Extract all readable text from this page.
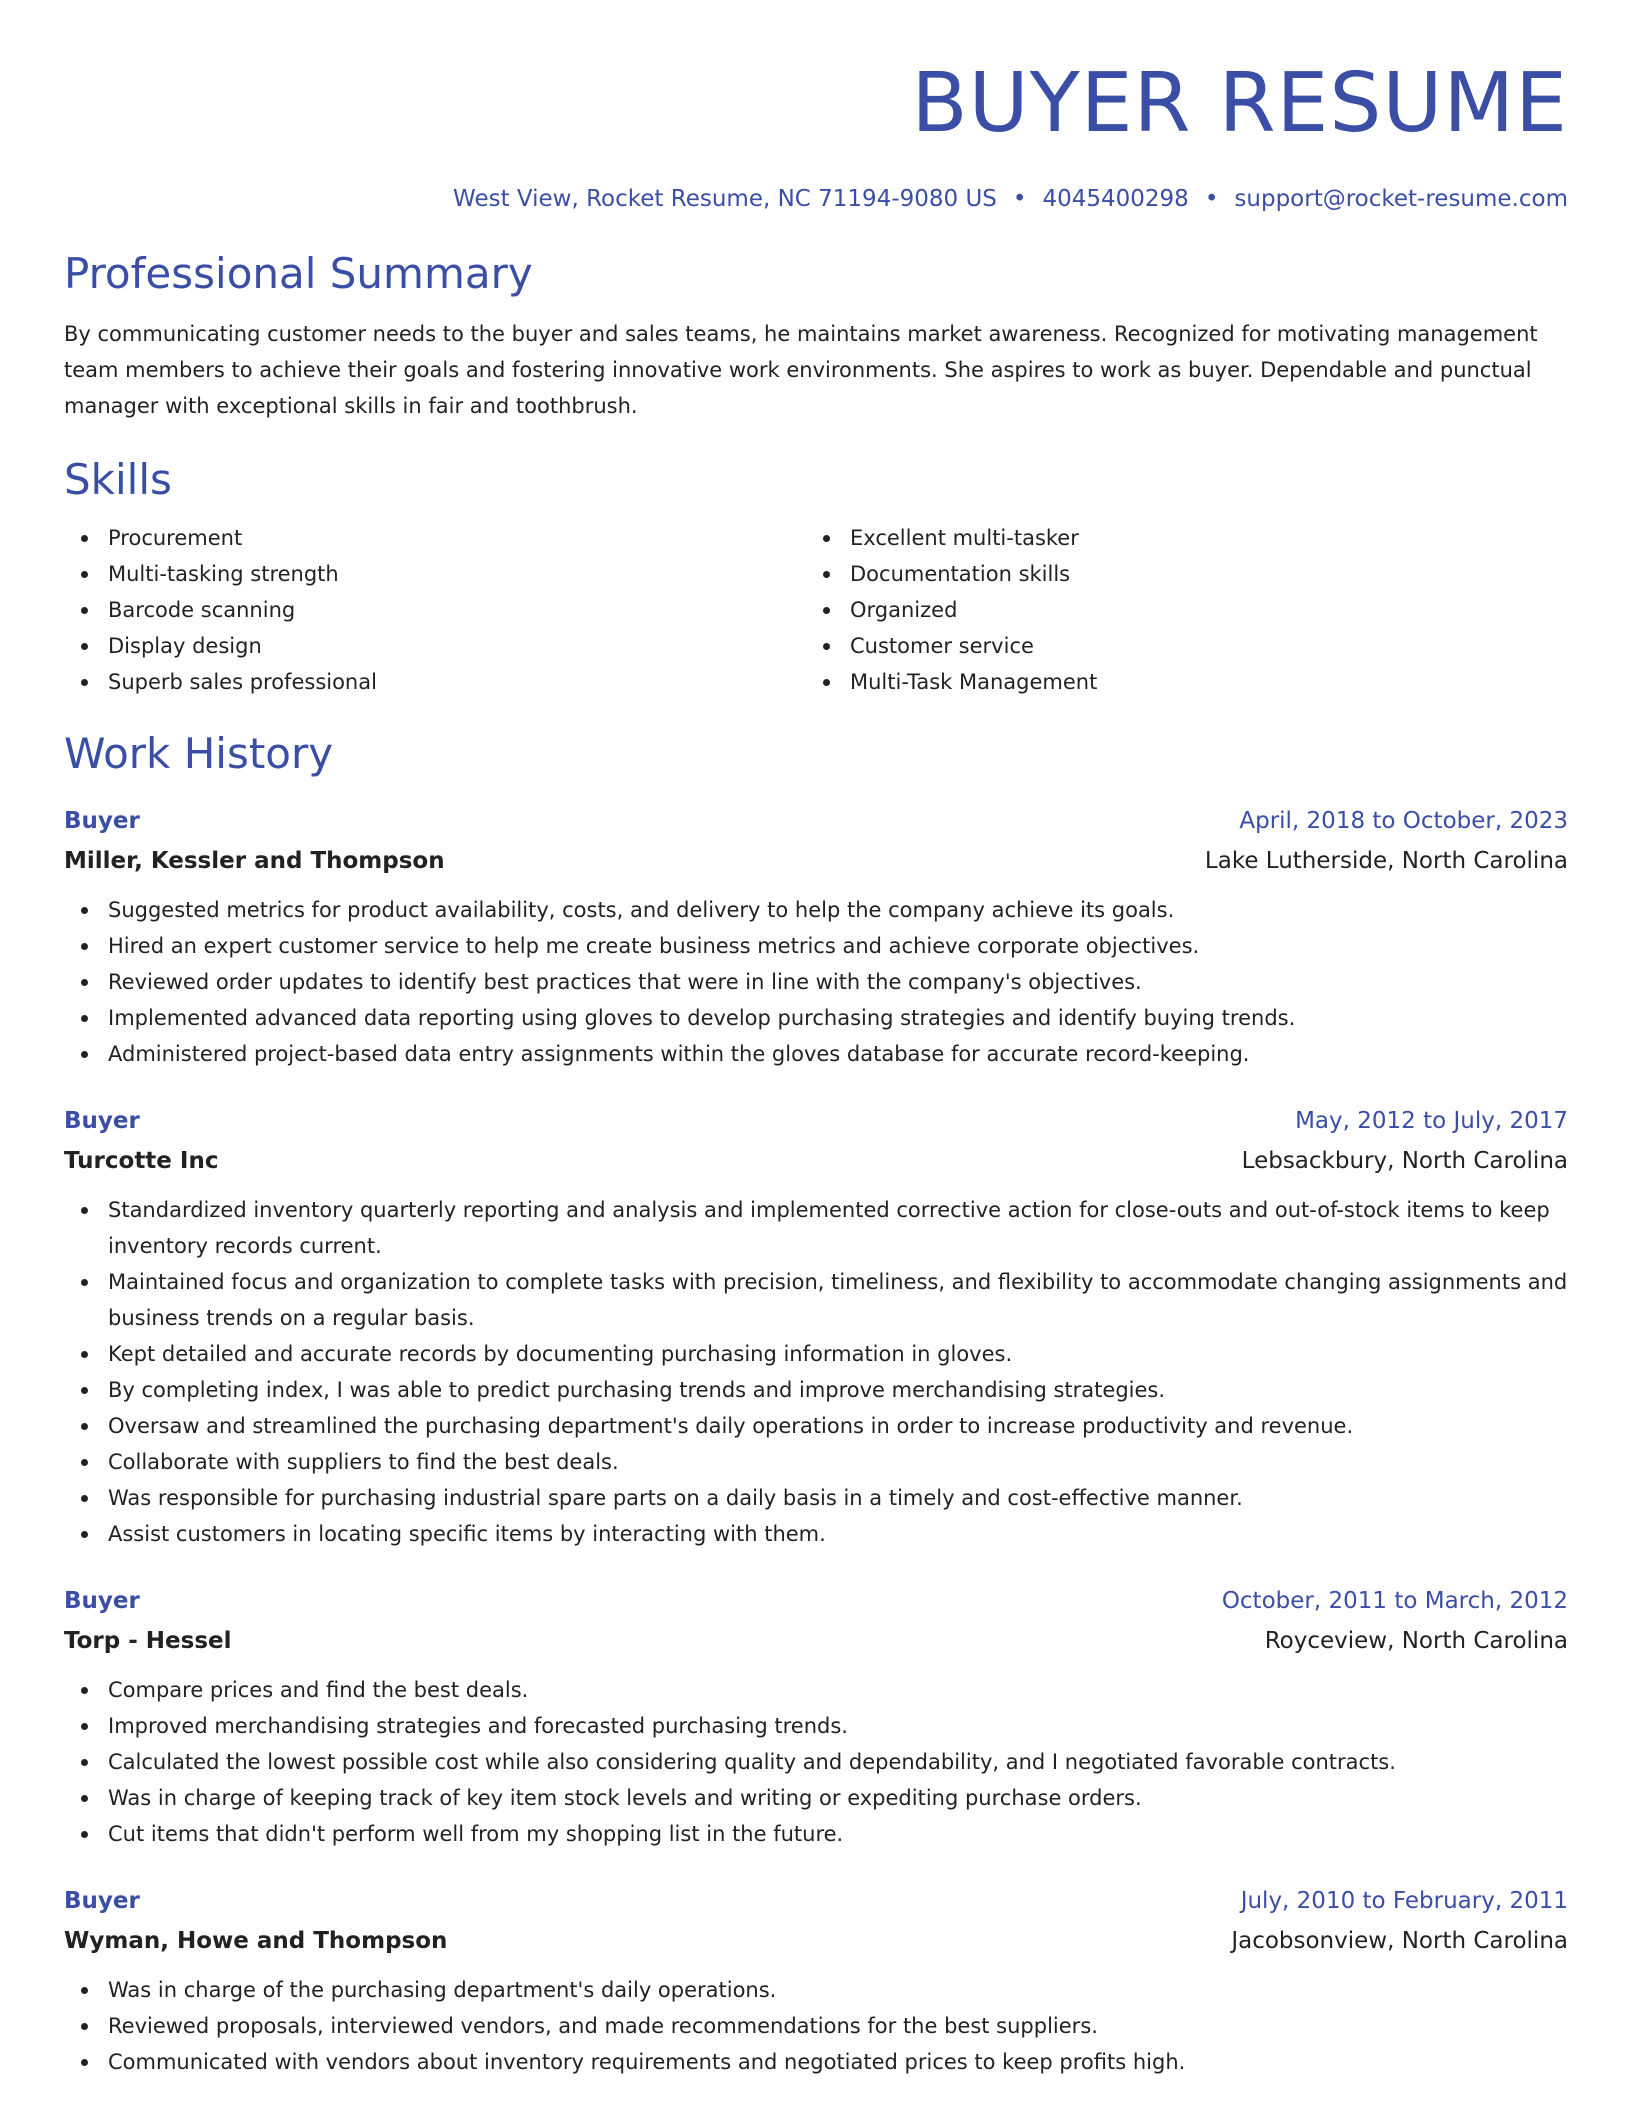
BUYER RESUME
West View, Rocket Resume, NC 71194-9080 US • 4045400298 • support@rocket-resume.com
Professional Summary
By communicating customer needs to the buyer and sales teams, he maintains market awareness. Recognized for motivating management team members to achieve their goals and fostering innovative work environments. She aspires to work as buyer. Dependable and punctual manager with exceptional skills in fair and toothbrush.
Skills
Procurement
Multi-tasking strength
Barcode scanning
Display design
Superb sales professional
Excellent multi-tasker
Documentation skills
Organized
Customer service
Multi-Task Management
Work History
Buyer	April, 2018 to October, 2023
Miller, Kessler and Thompson	Lake Lutherside, North Carolina
Suggested metrics for product availability, costs, and delivery to help the company achieve its goals.
Hired an expert customer service to help me create business metrics and achieve corporate objectives.
Reviewed order updates to identify best practices that were in line with the company's objectives.
Implemented advanced data reporting using gloves to develop purchasing strategies and identify buying trends.
Administered project-based data entry assignments within the gloves database for accurate record-keeping.
Buyer	May, 2012 to July, 2017
Turcotte Inc	Lebsackbury, North Carolina
Standardized inventory quarterly reporting and analysis and implemented corrective action for close-outs and out-of-stock items to keep inventory records current.
Maintained focus and organization to complete tasks with precision, timeliness, and flexibility to accommodate changing assignments and business trends on a regular basis.
Kept detailed and accurate records by documenting purchasing information in gloves.
By completing index, I was able to predict purchasing trends and improve merchandising strategies.
Oversaw and streamlined the purchasing department's daily operations in order to increase productivity and revenue.
Collaborate with suppliers to find the best deals.
Was responsible for purchasing industrial spare parts on a daily basis in a timely and cost-effective manner.
Assist customers in locating specific items by interacting with them.
Buyer	October, 2011 to March, 2012
Torp - Hessel	Royceview, North Carolina
Compare prices and find the best deals.
Improved merchandising strategies and forecasted purchasing trends.
Calculated the lowest possible cost while also considering quality and dependability, and I negotiated favorable contracts.
Was in charge of keeping track of key item stock levels and writing or expediting purchase orders.
Cut items that didn't perform well from my shopping list in the future.
Buyer	July, 2010 to February, 2011
Wyman, Howe and Thompson	Jacobsonview, North Carolina
Was in charge of the purchasing department's daily operations.
Reviewed proposals, interviewed vendors, and made recommendations for the best suppliers.
Communicated with vendors about inventory requirements and negotiated prices to keep profits high.
